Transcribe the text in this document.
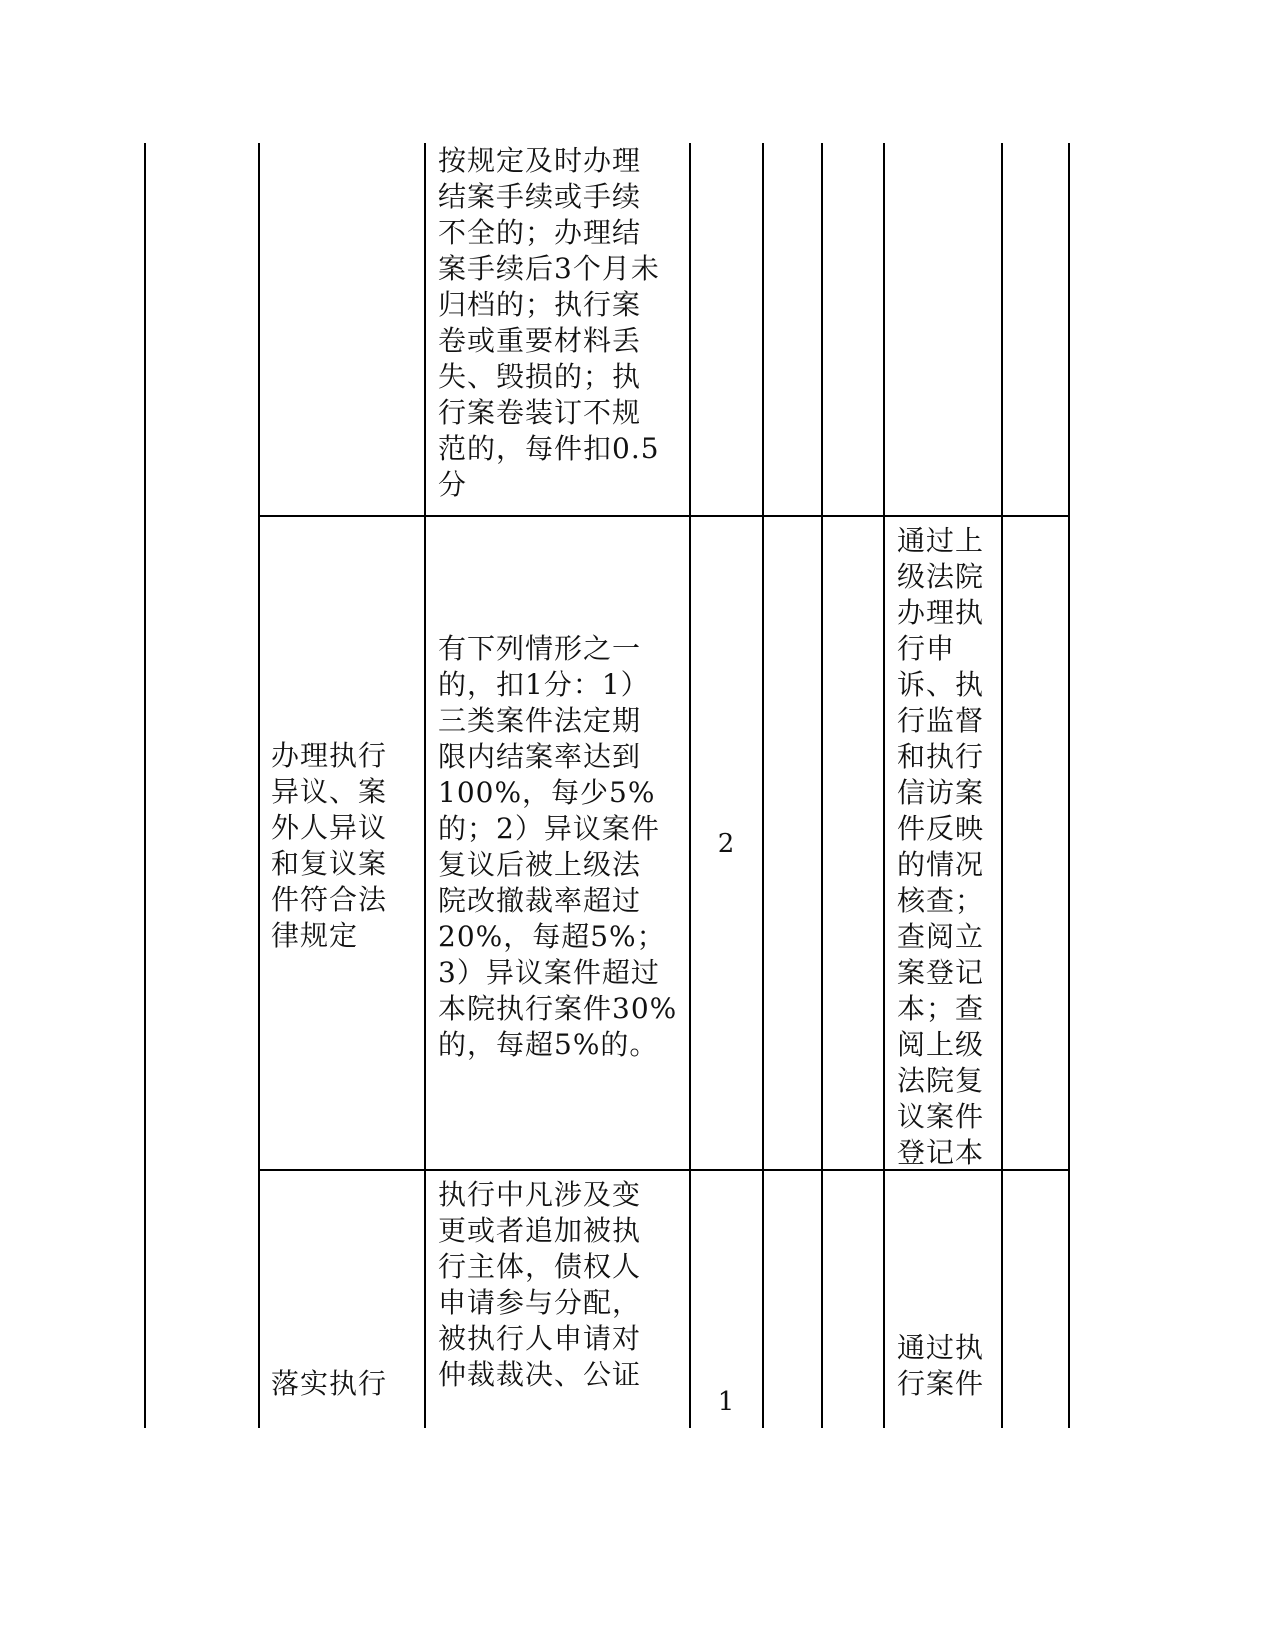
按规定及时办理
结案手续或手续
不全的；办理结
案手续后3个月未
归档的；执行案
卷或重要材料丢
失、毁损的；执
行案卷装订不规
范的，每件扣0.5
分

办理执行
异议、案
外人异议
和复议案
件符合法
律规定

有下列情形之一
的，扣1分：1）
三类案件法定期
限内结案率达到
100%，每少5%
的；2）异议案件
复议后被上级法
院改撤裁率超过
20%，每超5%；
3）异议案件超过
本院执行案件30%
的，每超5%的。

2

通过上
级法院
办理执
行申
诉、执
行监督
和执行
信访案
件反映
的情况
核查；
查阅立
案登记
本；查
阅上级
法院复
议案件
登记本

落实执行

执行中凡涉及变
更或者追加被执
行主体，债权人
申请参与分配，
被执行人申请对
仲裁裁决、公证

1

通过执
行案件
